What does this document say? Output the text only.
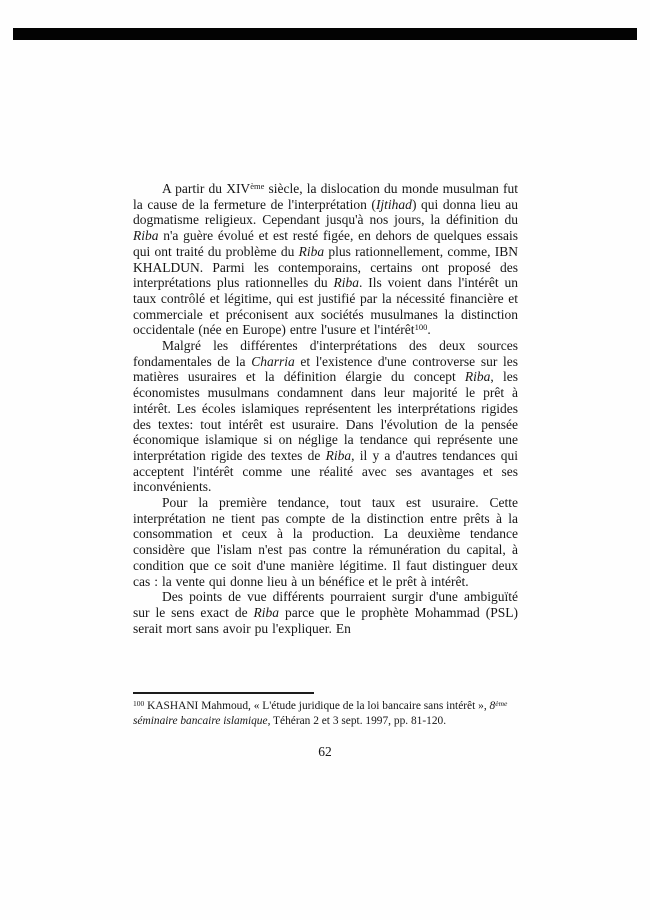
A partir du XIVème siècle, la dislocation du monde musulman fut la cause de la fermeture de l'interprétation (Ijtihad) qui donna lieu au dogmatisme religieux. Cependant jusqu'à nos jours, la définition du Riba n'a guère évolué et est resté figée, en dehors de quelques essais qui ont traité du problème du Riba plus rationnellement, comme, IBN KHALDUN. Parmi les contemporains, certains ont proposé des interprétations plus rationnelles du Riba. Ils voient dans l'intérêt un taux contrôlé et légitime, qui est justifié par la nécessité financière et commerciale et préconisent aux sociétés musulmanes la distinction occidentale (née en Europe) entre l'usure et l'intérêt$^{100}$.

Malgré les différentes d'interprétations des deux sources fondamentales de la Charria et l'existence d'une controverse sur les matières usuraires et la définition élargie du concept Riba, les économistes musulmans condamnent dans leur majorité le prêt à intérêt. Les écoles islamiques représentent les interprétations rigides des textes: tout intérêt est usuraire. Dans l'évolution de la pensée économique islamique si on néglige la tendance qui représente une interprétation rigide des textes de Riba, il y a d'autres tendances qui acceptent l'intérêt comme une réalité avec ses avantages et ses inconvénients.

Pour la première tendance, tout taux est usuraire. Cette interprétation ne tient pas compte de la distinction entre prêts à la consommation et ceux à la production. La deuxième tendance considère que l'islam n'est pas contre la rémunération du capital, à condition que ce soit d'une manière légitime. Il faut distinguer deux cas : la vente qui donne lieu à un bénéfice et le prêt à intérêt.

Des points de vue différents pourraient surgir d'une ambiguïté sur le sens exact de Riba parce que le prophète Mohammad (PSL) serait mort sans avoir pu l'expliquer. En

$^{100}$ KASHANI Mahmoud, « L'étude juridique de la loi bancaire sans intérêt », 8ème séminaire bancaire islamique, Téhéran 2 et 3 sept. 1997, pp. 81-120.

62
